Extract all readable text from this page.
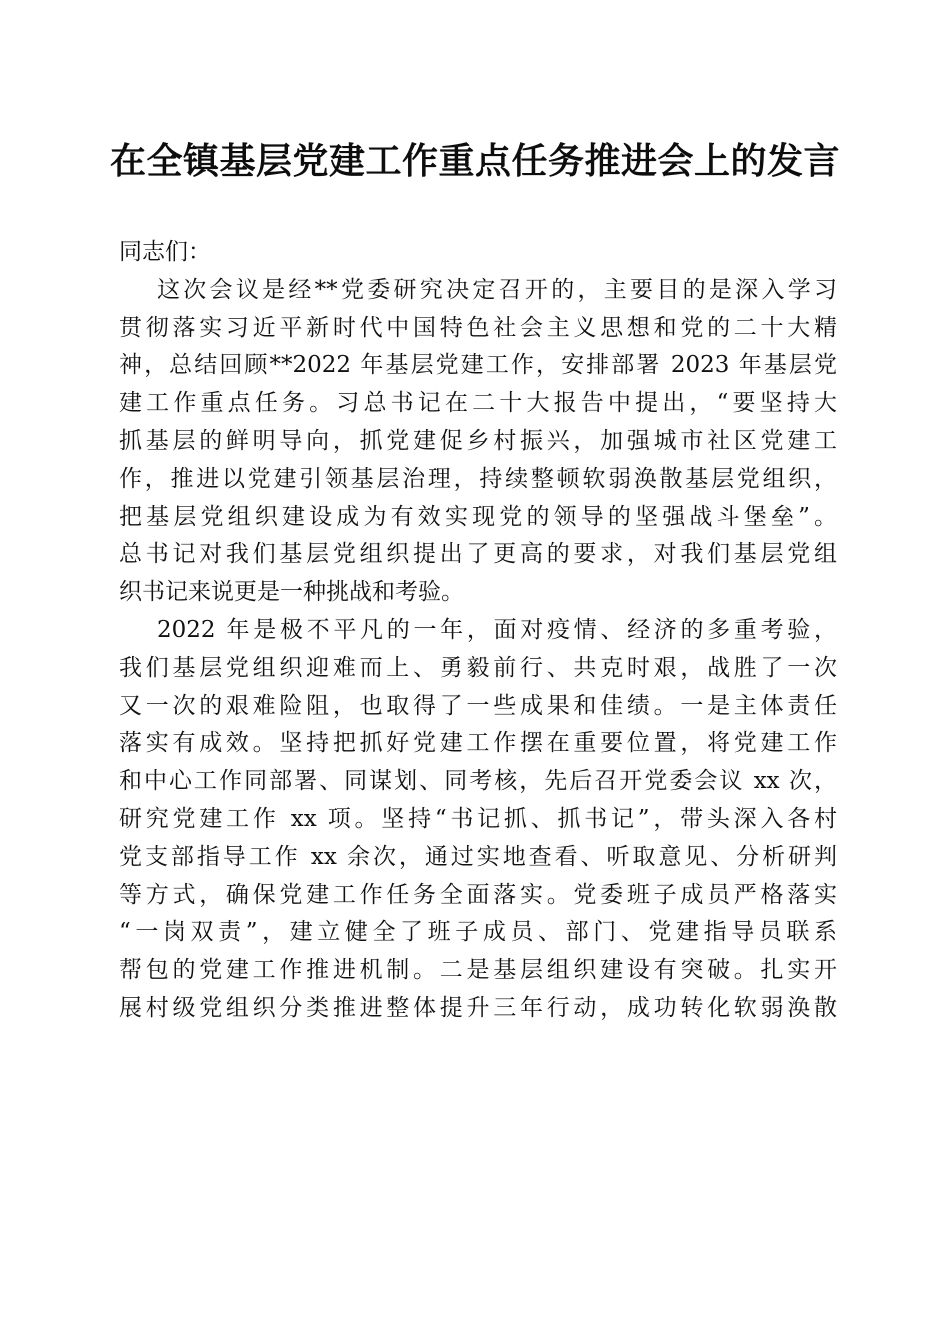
在全镇基层党建工作重点任务推进会上的发言
同志们：
这次会议是经**党委研究决定召开的，主要目的是深入学习
贯彻落实习近平新时代中国特色社会主义思想和党的二十大精
神，总结回顾**2022 年基层党建工作，安排部署 2023 年基层党
建工作重点任务。习总书记在二十大报告中提出，“要坚持大
抓基层的鲜明导向，抓党建促乡村振兴，加强城市社区党建工
作，推进以党建引领基层治理，持续整顿软弱涣散基层党组织，
把基层党组织建设成为有效实现党的领导的坚强战斗堡垒”。
总书记对我们基层党组织提出了更高的要求，对我们基层党组
织书记来说更是一种挑战和考验。
2022 年是极不平凡的一年，面对疫情、经济的多重考验，
我们基层党组织迎难而上、勇毅前行、共克时艰，战胜了一次
又一次的艰难险阻，也取得了一些成果和佳绩。一是主体责任
落实有成效。坚持把抓好党建工作摆在重要位置，将党建工作
和中心工作同部署、同谋划、同考核，先后召开党委会议 xx 次，
研究党建工作 xx 项。坚持“书记抓、抓书记”，带头深入各村
党支部指导工作 xx 余次，通过实地查看、听取意见、分析研判
等方式，确保党建工作任务全面落实。党委班子成员严格落实
“一岗双责”，建立健全了班子成员、部门、党建指导员联系
帮包的党建工作推进机制。二是基层组织建设有突破。扎实开
展村级党组织分类推进整体提升三年行动，成功转化软弱涣散
